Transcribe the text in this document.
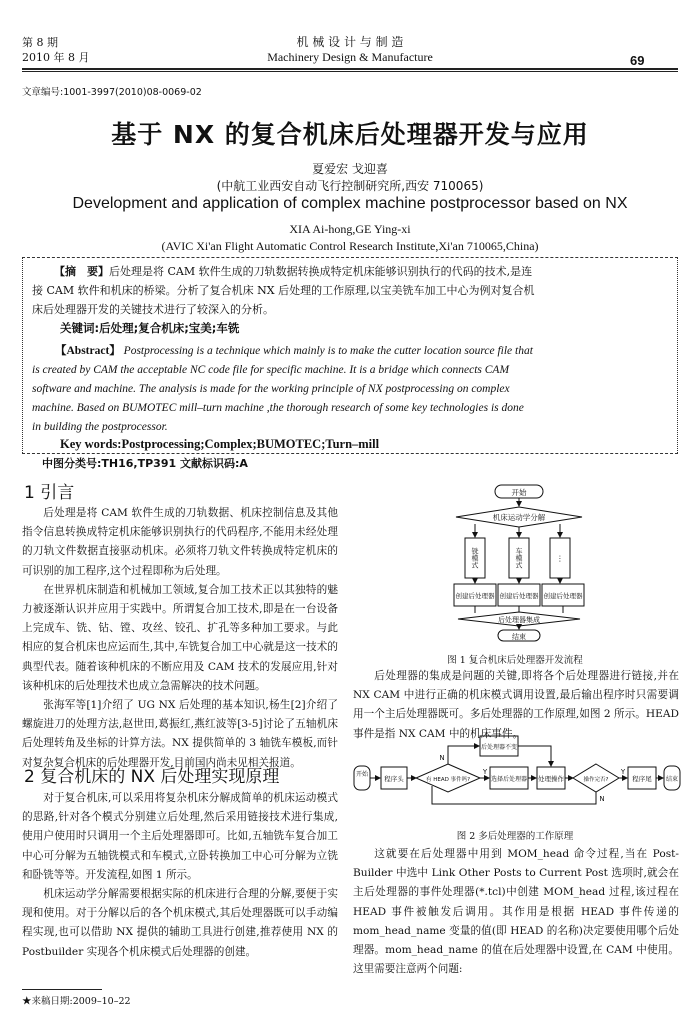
第 8 期
2010 年 8 月
机 械 设 计 与 制 造
Machinery Design & Manufacture	69
文章编号:1001-3997(2010)08-0069-02
基于 NX 的复合机床后处理器开发与应用
夏爱宏 戈迎喜
(中航工业西安自动飞行控制研究所,西安 710065)
Development and application of complex machine postprocessor based on NX
XIA Ai-hong,GE Ying-xi
(AVIC Xi'an Flight Automatic Control Research Institute,Xi'an 710065,China)
【摘　要】后处理是将 CAM 软件生成的刀轨数据转换成特定机床能够识别执行的代码的技术,是连
接 CAM 软件和机床的桥梁。分析了复合机床 NX 后处理的工作原理,以宝美铣车加工中心为例对复合机
床后处理器开发的关键技术进行了较深入的分析。
关键词:后处理;复合机床;宝美;车铣
【Abstract】 Postprocessing is a technique which mainly is to make the cutter location source file that
is created by CAM the acceptable NC code file for specific machine. It is a bridge which connects CAM
software and machine. The analysis is made for the working principle of NX postprocessing on complex
machine. Based on BUMOTEC mill–turn machine ,the thorough research of some key technologies is done
in building the postprocessor.
Key words:Postprocessing;Complex;BUMOTEC;Turn–mill
中图分类号:TH16,TP391 文献标识码:A
1 引言

后处理是将 CAM 软件生成的刀轨数据、机床控制信息及其他指令信息转换成特定机床能够识别执行的代码程序,不能用未经处理的刀轨文件数据直接驱动机床。必须将刀轨文件转换成特定机床的可识别的加工程序,这个过程即称为后处理。

在世界机床制造和机械加工领域,复合加工技术正以其独特的魅力被逐渐认识并应用于实践中。所谓复合加工技术,即是在一台设备上完成车、铣、钻、镗、攻丝、铰孔、扩孔等多种加工要求。与此相应的复合机床也应运而生,其中,车铣复合加工中心就是这一技术的典型代表。随着该种机床的不断应用及 CAM 技术的发展应用,针对该种机床的后处理技术也成立急需解决的技术问题。

张海军等[1]介绍了 UG NX 后处理的基本知识,杨生[2]介绍了螺旋进刀的处理方法,赵世田,葛振红,燕红波等[3-5]讨论了五轴机床后处理转角及坐标的计算方法。NX 提供简单的 3 轴铣车模板,而针对复杂复合机床的后处理器开发,目前国内尚未见相关报道。

2 复合机床的 NX 后处理实现原理

对于复合机床,可以采用将复杂机床分解成简单的机床运动模式的思路,针对各个模式分别建立后处理,然后采用链接技术进行集成,使用户使用时只调用一个主后处理器即可。比如,五轴铣车复合加工中心可分解为五轴铣模式和车模式,立卧转换加工中心可分解为立铣和卧铣等等。开发流程,如图 1 所示。

机床运动学分解需要根据实际的机床进行合理的分解,要便于实现和使用。对于分解以后的各个机床模式,其后处理器既可以手动编程实现,也可以借助 NX 提供的辅助工具进行创建,推荐使用 NX 的 Postbuilder 实现各个机床模式后处理器的创建。

开始
机床运动学分解
铣模式	车模式	⋮
创建后处理器 创建后处理器 创建后处理器
后处理器集成
结束
图 1 复合机床后处理器开发流程

后处理器的集成是问题的关键,即将各个后处理器进行链接,并在 NX CAM 中进行正确的机床模式调用设置,最后输出程序时只需要调用一个主后处理器既可。多后处理器的工作原理,如图 2 所示。HEAD 事件是指 NX CAM 中的机床事件。

开始
程序头	有 HEAD 事件吗?
Y
N
选择后处理器 处理操作	操作完否?
Y
N
程序尾 结束
后处理器不变
图 2 多后处理器的工作原理

这就要在后处理器中用到 MOM_head 命令过程,当在 Post-Builder 中选中 Link Other Posts to Current Post 选项时,就会在主后处理器的事件处理器(*.tcl)中创建 MOM_head 过程,该过程在 HEAD 事件被触发后调用。其作用是根据 HEAD 事件传递的 mom_head_name 变量的值(即 HEAD 的名称)决定要使用哪个后处理器。mom_head_name 的值在后处理器中设置,在 CAM 中使用。这里需要注意两个问题:

★来稿日期:2009–10–22
